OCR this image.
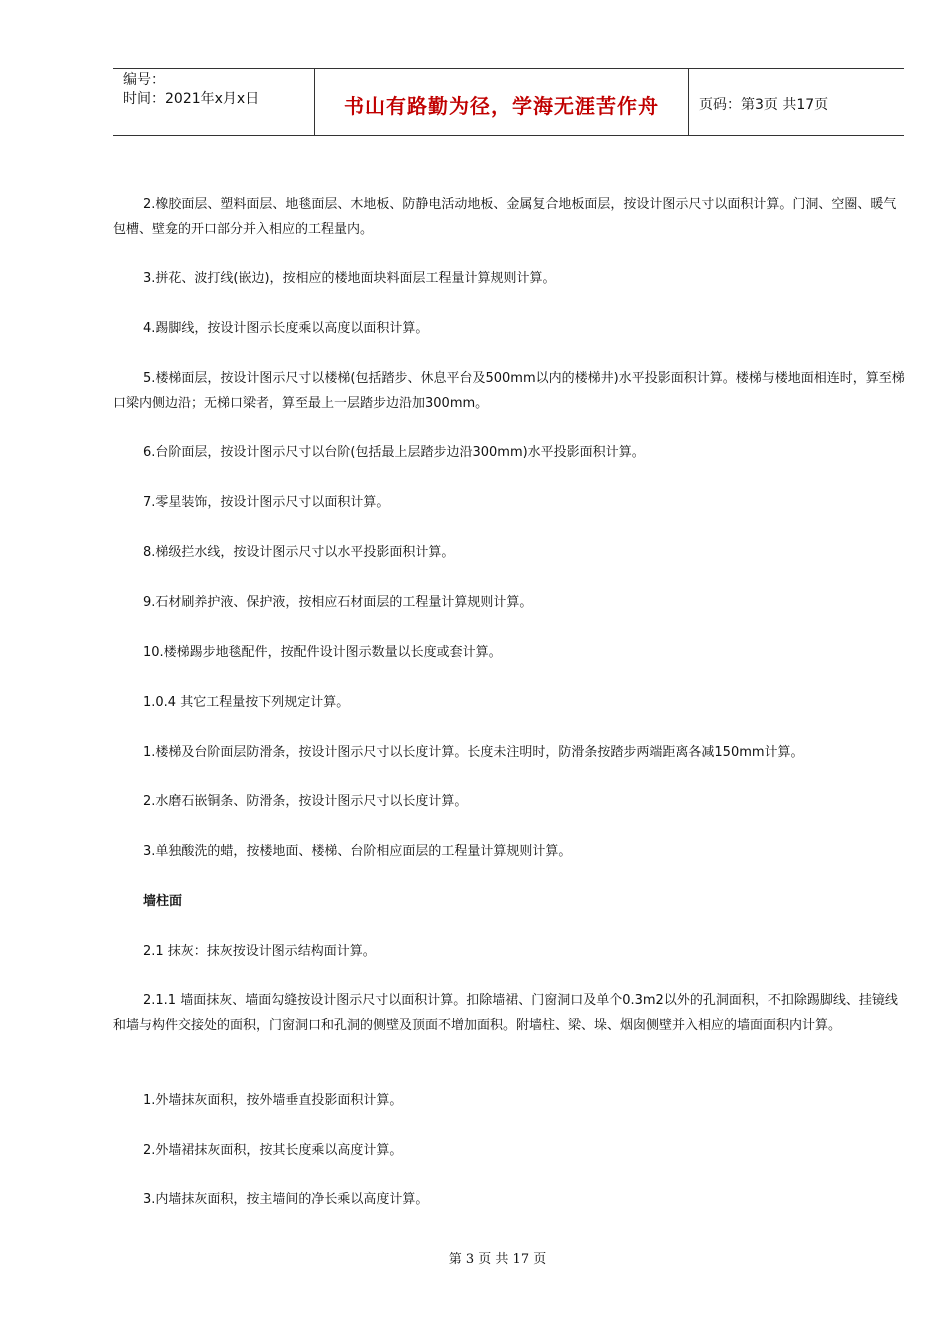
编号：
时间：2021年x月x日	书山有路勤为径，学海无涯苦作舟	页码：第3页 共17页

2.橡胶面层、塑料面层、地毯面层、木地板、防静电活动地板、金属复合地板面层，按设计图示尺寸以面积计算。门洞、空圈、暖气包槽、壁龛的开口部分并入相应的工程量内。

3.拼花、波打线(嵌边)，按相应的楼地面块料面层工程量计算规则计算。

4.踢脚线，按设计图示长度乘以高度以面积计算。

5.楼梯面层，按设计图示尺寸以楼梯(包括踏步、休息平台及500mm以内的楼梯井)水平投影面积计算。楼梯与楼地面相连时，算至梯口梁内侧边沿；无梯口梁者，算至最上一层踏步边沿加300mm。

6.台阶面层，按设计图示尺寸以台阶(包括最上层踏步边沿300mm)水平投影面积计算。

7.零星装饰，按设计图示尺寸以面积计算。

8.梯级拦水线，按设计图示尺寸以水平投影面积计算。

9.石材刷养护液、保护液，按相应石材面层的工程量计算规则计算。

10.楼梯踢步地毯配件，按配件设计图示数量以长度或套计算。

1.0.4 其它工程量按下列规定计算。

1.楼梯及台阶面层防滑条，按设计图示尺寸以长度计算。长度未注明时，防滑条按踏步两端距离各减150mm计算。

2.水磨石嵌铜条、防滑条，按设计图示尺寸以长度计算。

3.单独酸洗的蜡，按楼地面、楼梯、台阶相应面层的工程量计算规则计算。

墙柱面

2.1 抹灰：抹灰按设计图示结构面计算。

2.1.1 墙面抹灰、墙面勾缝按设计图示尺寸以面积计算。扣除墙裙、门窗洞口及单个0.3m2以外的孔洞面积，不扣除踢脚线、挂镜线和墙与构件交接处的面积，门窗洞口和孔洞的侧壁及顶面不增加面积。附墙柱、梁、垛、烟囱侧壁并入相应的墙面面积内计算。

1.外墙抹灰面积，按外墙垂直投影面积计算。

2.外墙裙抹灰面积，按其长度乘以高度计算。

3.内墙抹灰面积，按主墙间的净长乘以高度计算。

第 3 页 共 17 页
